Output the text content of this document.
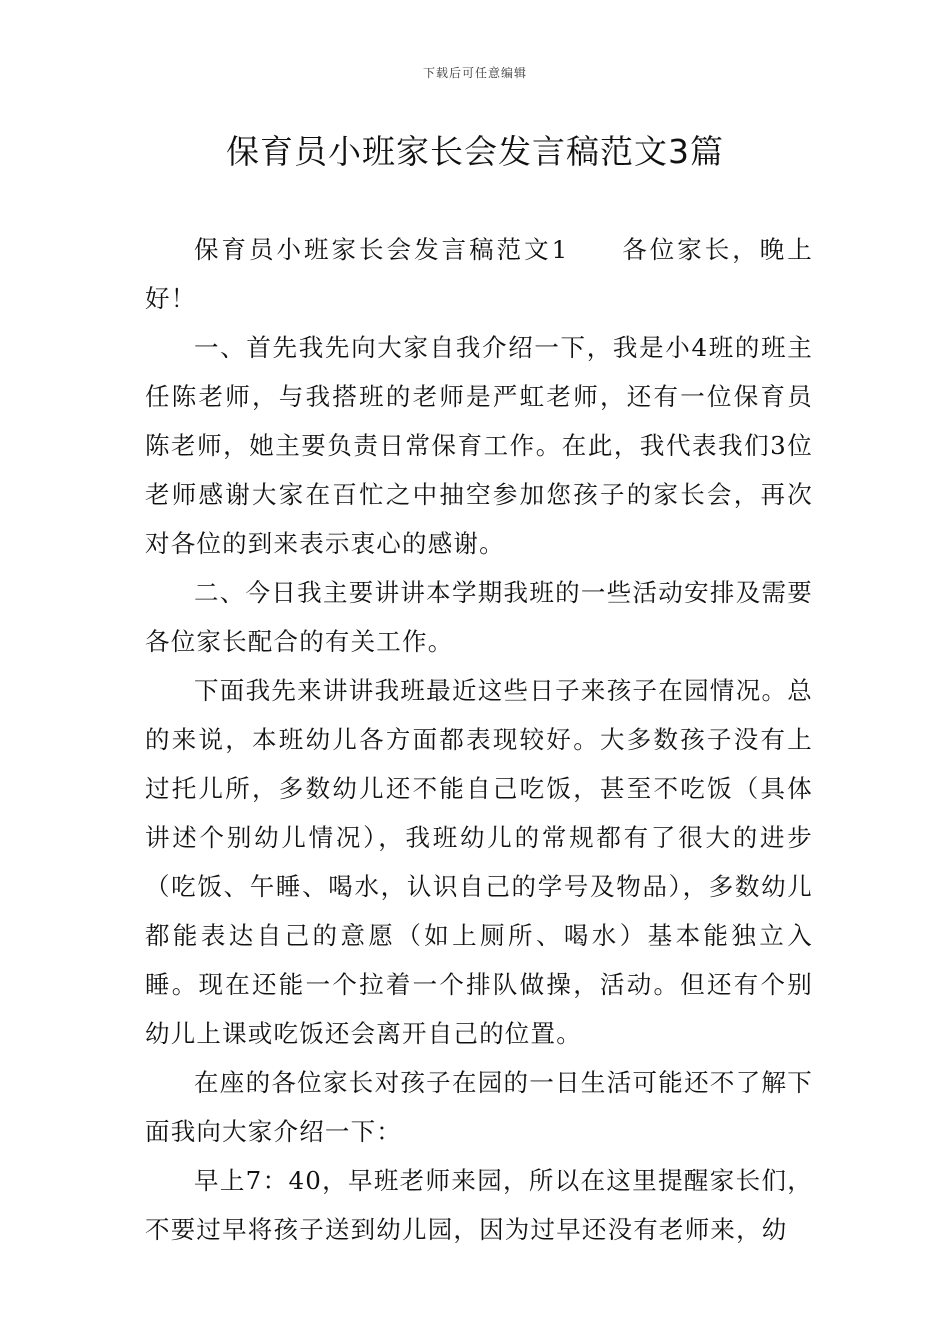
下载后可任意编辑
保育员小班家长会发言稿范文3篇

保育员小班家长会发言稿范文1 各位家长，晚上好！

一、首先我先向大家自我介绍一下，我是小4班的班主任陈老师，与我搭班的老师是严虹老师，还有一位保育员陈老师，她主要负责日常保育工作。在此，我代表我们3位老师感谢大家在百忙之中抽空参加您孩子的家长会，再次对各位的到来表示衷心的感谢。

二、今日我主要讲讲本学期我班的一些活动安排及需要各位家长配合的有关工作。

下面我先来讲讲我班最近这些日子来孩子在园情况。总的来说，本班幼儿各方面都表现较好。大多数孩子没有上过托儿所，多数幼儿还不能自己吃饭，甚至不吃饭（具体讲述个别幼儿情况），我班幼儿的常规都有了很大的进步（吃饭、午睡、喝水，认识自己的学号及物品），多数幼儿都能表达自己的意愿（如上厕所、喝水）基本能独立入睡。现在还能一个拉着一个排队做操，活动。但还有个别幼儿上课或吃饭还会离开自己的位置。

在座的各位家长对孩子在园的一日生活可能还不了解下面我向大家介绍一下：

早上7：40，早班老师来园，所以在这里提醒家长们，不要过早将孩子送到幼儿园，因为过早还没有老师来，幼
